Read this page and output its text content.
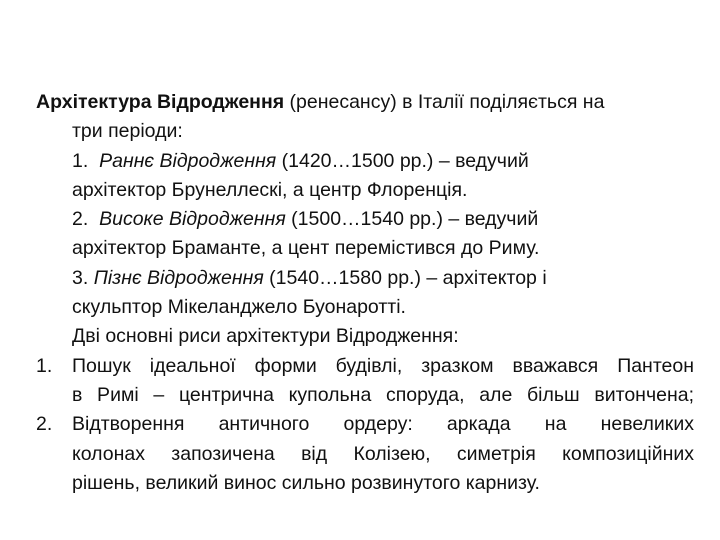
Архітектура Відродження (ренесансу) в Італії поділяється на
три періоди:
1. Раннє Відродження (1420…1500 рр.) – ведучий
архітектор Брунеллескі, а центр Флоренція.
2. Високе Відродження (1500…1540 рр.) – ведучий
архітектор Браманте, а цент перемістився до Риму.
3. Пізнє Відродження (1540…1580 рр.) – архітектор і
скульптор Мікеланджело Буонаротті.
Дві основні риси архітектури Відродження:
1.	Пошук ідеальної форми будівлі, зразком вважався Пантеон
в Римі – центрична купольна споруда, але більш витончена;
2.	Відтворення античного ордеру: аркада на невеликих
колонах запозичена від Колізею, симетрія композиційних
рішень, великий винос сильно розвинутого карнизу.
